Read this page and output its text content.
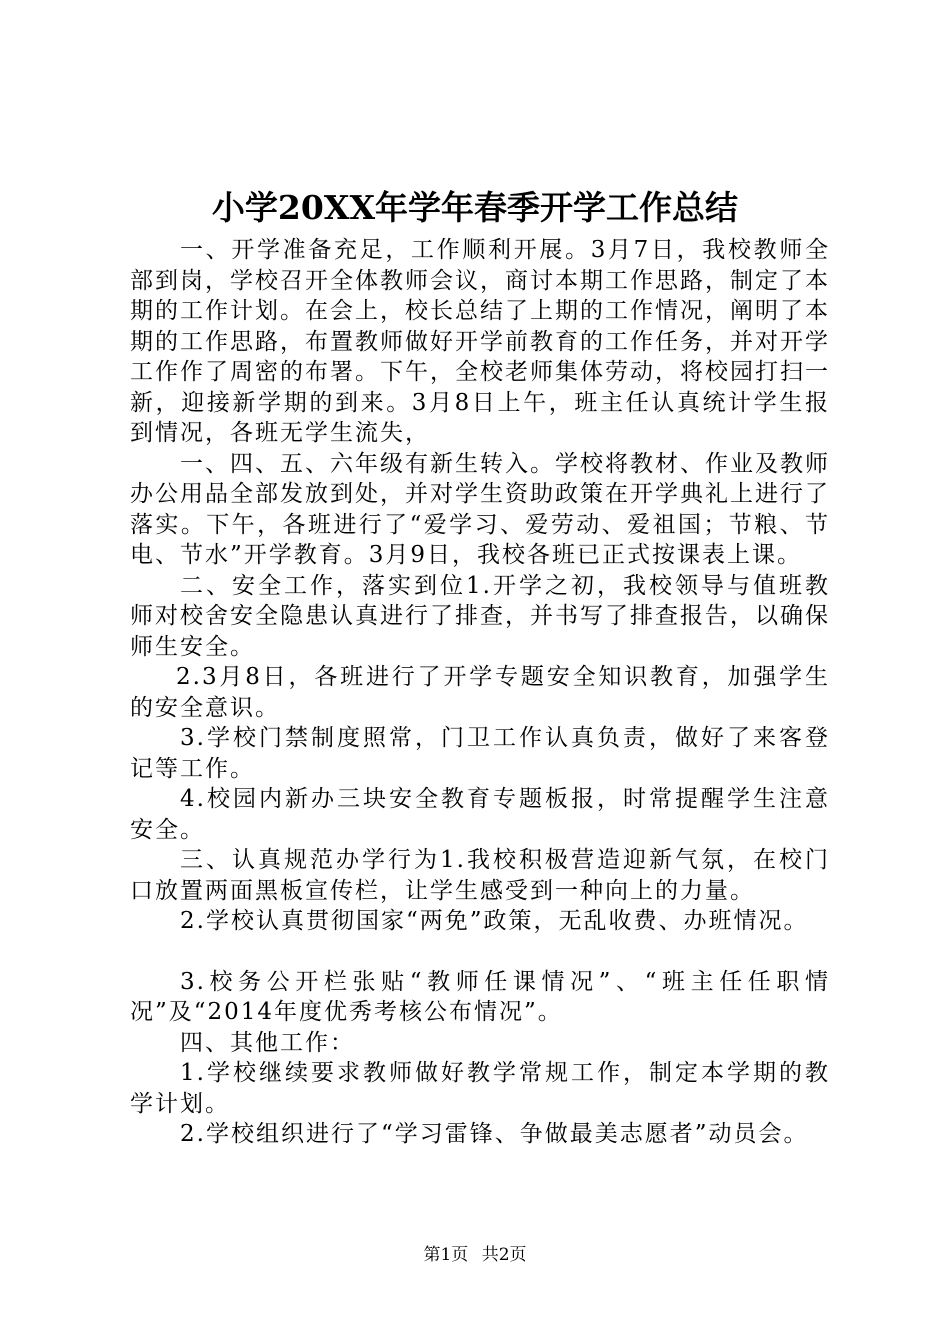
小学20XX年学年春季开学工作总结

一、开学准备充足，工作顺利开展。3月7日，我校教师全部到岗，学校召开全体教师会议，商讨本期工作思路，制定了本期的工作计划。在会上，校长总结了上期的工作情况，阐明了本期的工作思路，布置教师做好开学前教育的工作任务，并对开学工作作了周密的布署。下午，全校老师集体劳动，将校园打扫一新，迎接新学期的到来。3月8日上午，班主任认真统计学生报到情况，各班无学生流失，

一、四、五、六年级有新生转入。学校将教材、作业及教师办公用品全部发放到处，并对学生资助政策在开学典礼上进行了落实。下午，各班进行了“爱学习、爱劳动、爱祖国；节粮、节电、节水”开学教育。3月9日，我校各班已正式按课表上课。

二、安全工作，落实到位1.开学之初，我校领导与值班教师对校舍安全隐患认真进行了排查，并书写了排查报告，以确保师生安全。

2.3月8日，各班进行了开学专题安全知识教育，加强学生的安全意识。

3.学校门禁制度照常，门卫工作认真负责，做好了来客登记等工作。

4.校园内新办三块安全教育专题板报，时常提醒学生注意安全。

三、认真规范办学行为1.我校积极营造迎新气氛，在校门口放置两面黑板宣传栏，让学生感受到一种向上的力量。

2.学校认真贯彻国家“两免”政策，无乱收费、办班情况。

3.校务公开栏张贴“教师任课情况”、“班主任任职情况”及“2014年度优秀考核公布情况”。

四、其他工作：

1.学校继续要求教师做好教学常规工作，制定本学期的教学计划。

2.学校组织进行了“学习雷锋、争做最美志愿者”动员会。

第1页 共2页
